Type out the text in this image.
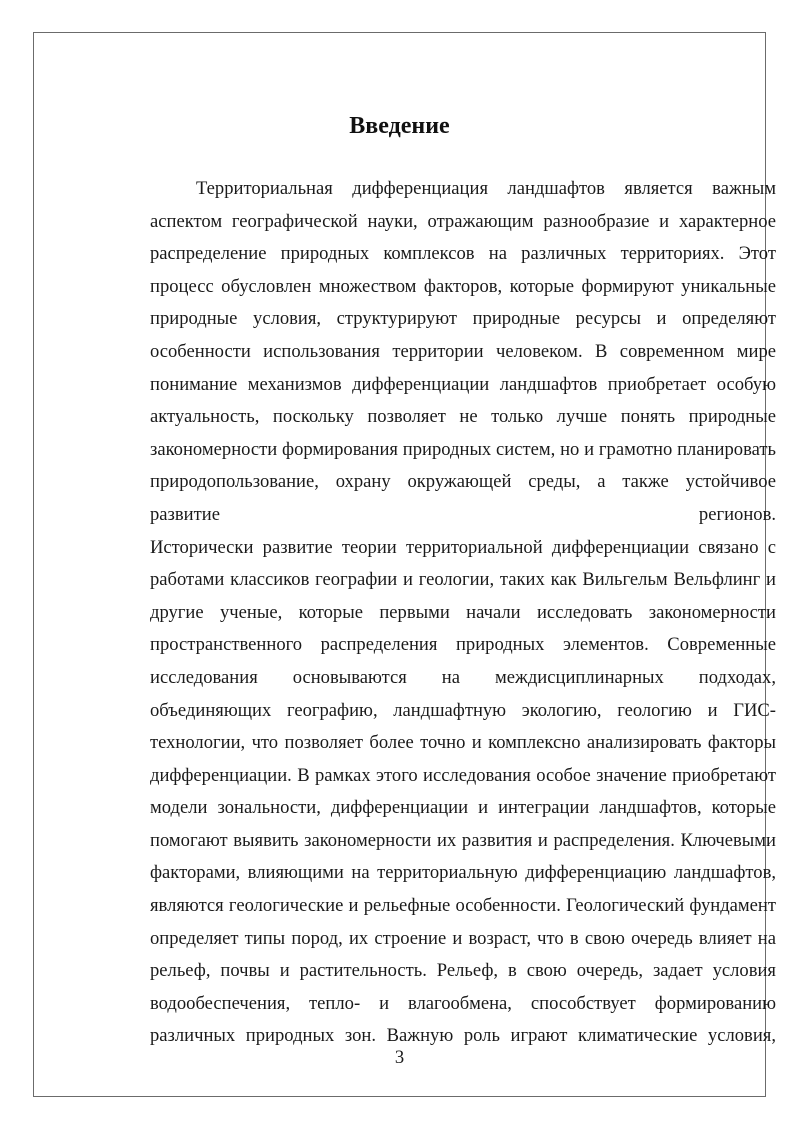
Введение
Территориальная дифференциация ландшафтов является важным
аспектом географической науки, отражающим разнообразие и характерное
распределение природных комплексов на различных территориях. Этот
процесс обусловлен множеством факторов, которые формируют уникальные
природные условия, структурируют природные ресурсы и определяют
особенности использования территории человеком. В современном мире
понимание механизмов дифференциации ландшафтов приобретает особую
актуальность, поскольку позволяет не только лучше понять природные
закономерности формирования природных систем, но и грамотно планировать
природопользование, охрану окружающей среды, а также устойчивое
развитие регионов.
Исторически развитие теории территориальной дифференциации связано с
работами классиков географии и геологии, таких как Вильгельм Вельфлинг и
другие ученые, которые первыми начали исследовать закономерности
пространственного распределения природных элементов. Современные
исследования основываются на междисциплинарных подходах,
объединяющих географию, ландшафтную экологию, геологию и ГИС-
технологии, что позволяет более точно и комплексно анализировать факторы
дифференциации. В рамках этого исследования особое значение приобретают
модели зональности, дифференциации и интеграции ландшафтов, которые
помогают выявить закономерности их развития и распределения. Ключевыми
факторами, влияющими на территориальную дифференциацию ландшафтов,
являются геологические и рельефные особенности. Геологический фундамент
определяет типы пород, их строение и возраст, что в свою очередь влияет на
рельеф, почвы и растительность. Рельеф, в свою очередь, задает условия
водообеспечения, тепло- и влагообмена, способствует формированию
различных природных зон. Важную роль играют климатические условия,
3
